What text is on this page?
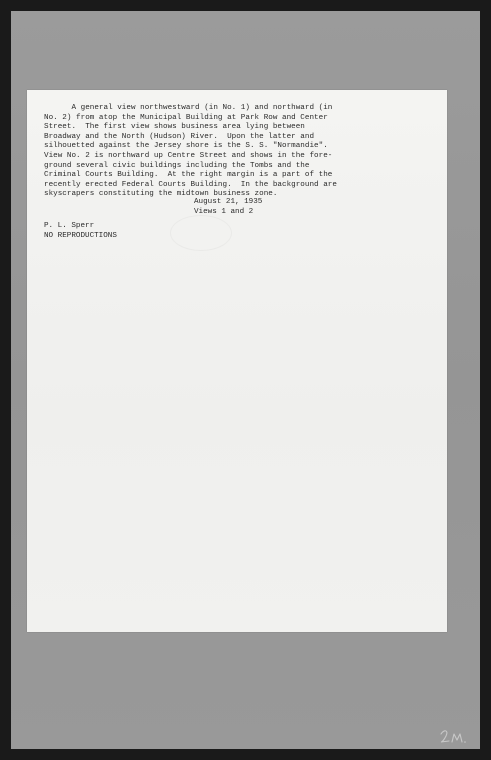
A general view northwestward (in No. 1) and northward (in
No. 2) from atop the Municipal Building at Park Row and Center
Street.  The first view shows business area lying between
Broadway and the North (Hudson) River.  Upon the latter and
silhouetted against the Jersey shore is the S. S. "Normandie".
View No. 2 is northward up Centre Street and shows in the fore-
ground several civic buildings including the Tombs and the
Criminal Courts Building.  At the right margin is a part of the
recently erected Federal Courts Building.  In the background are
skyscrapers constituting the midtown business zone.

August 21, 1935
Views 1 and 2
P. L. Sperr
NO REPRODUCTIONS
